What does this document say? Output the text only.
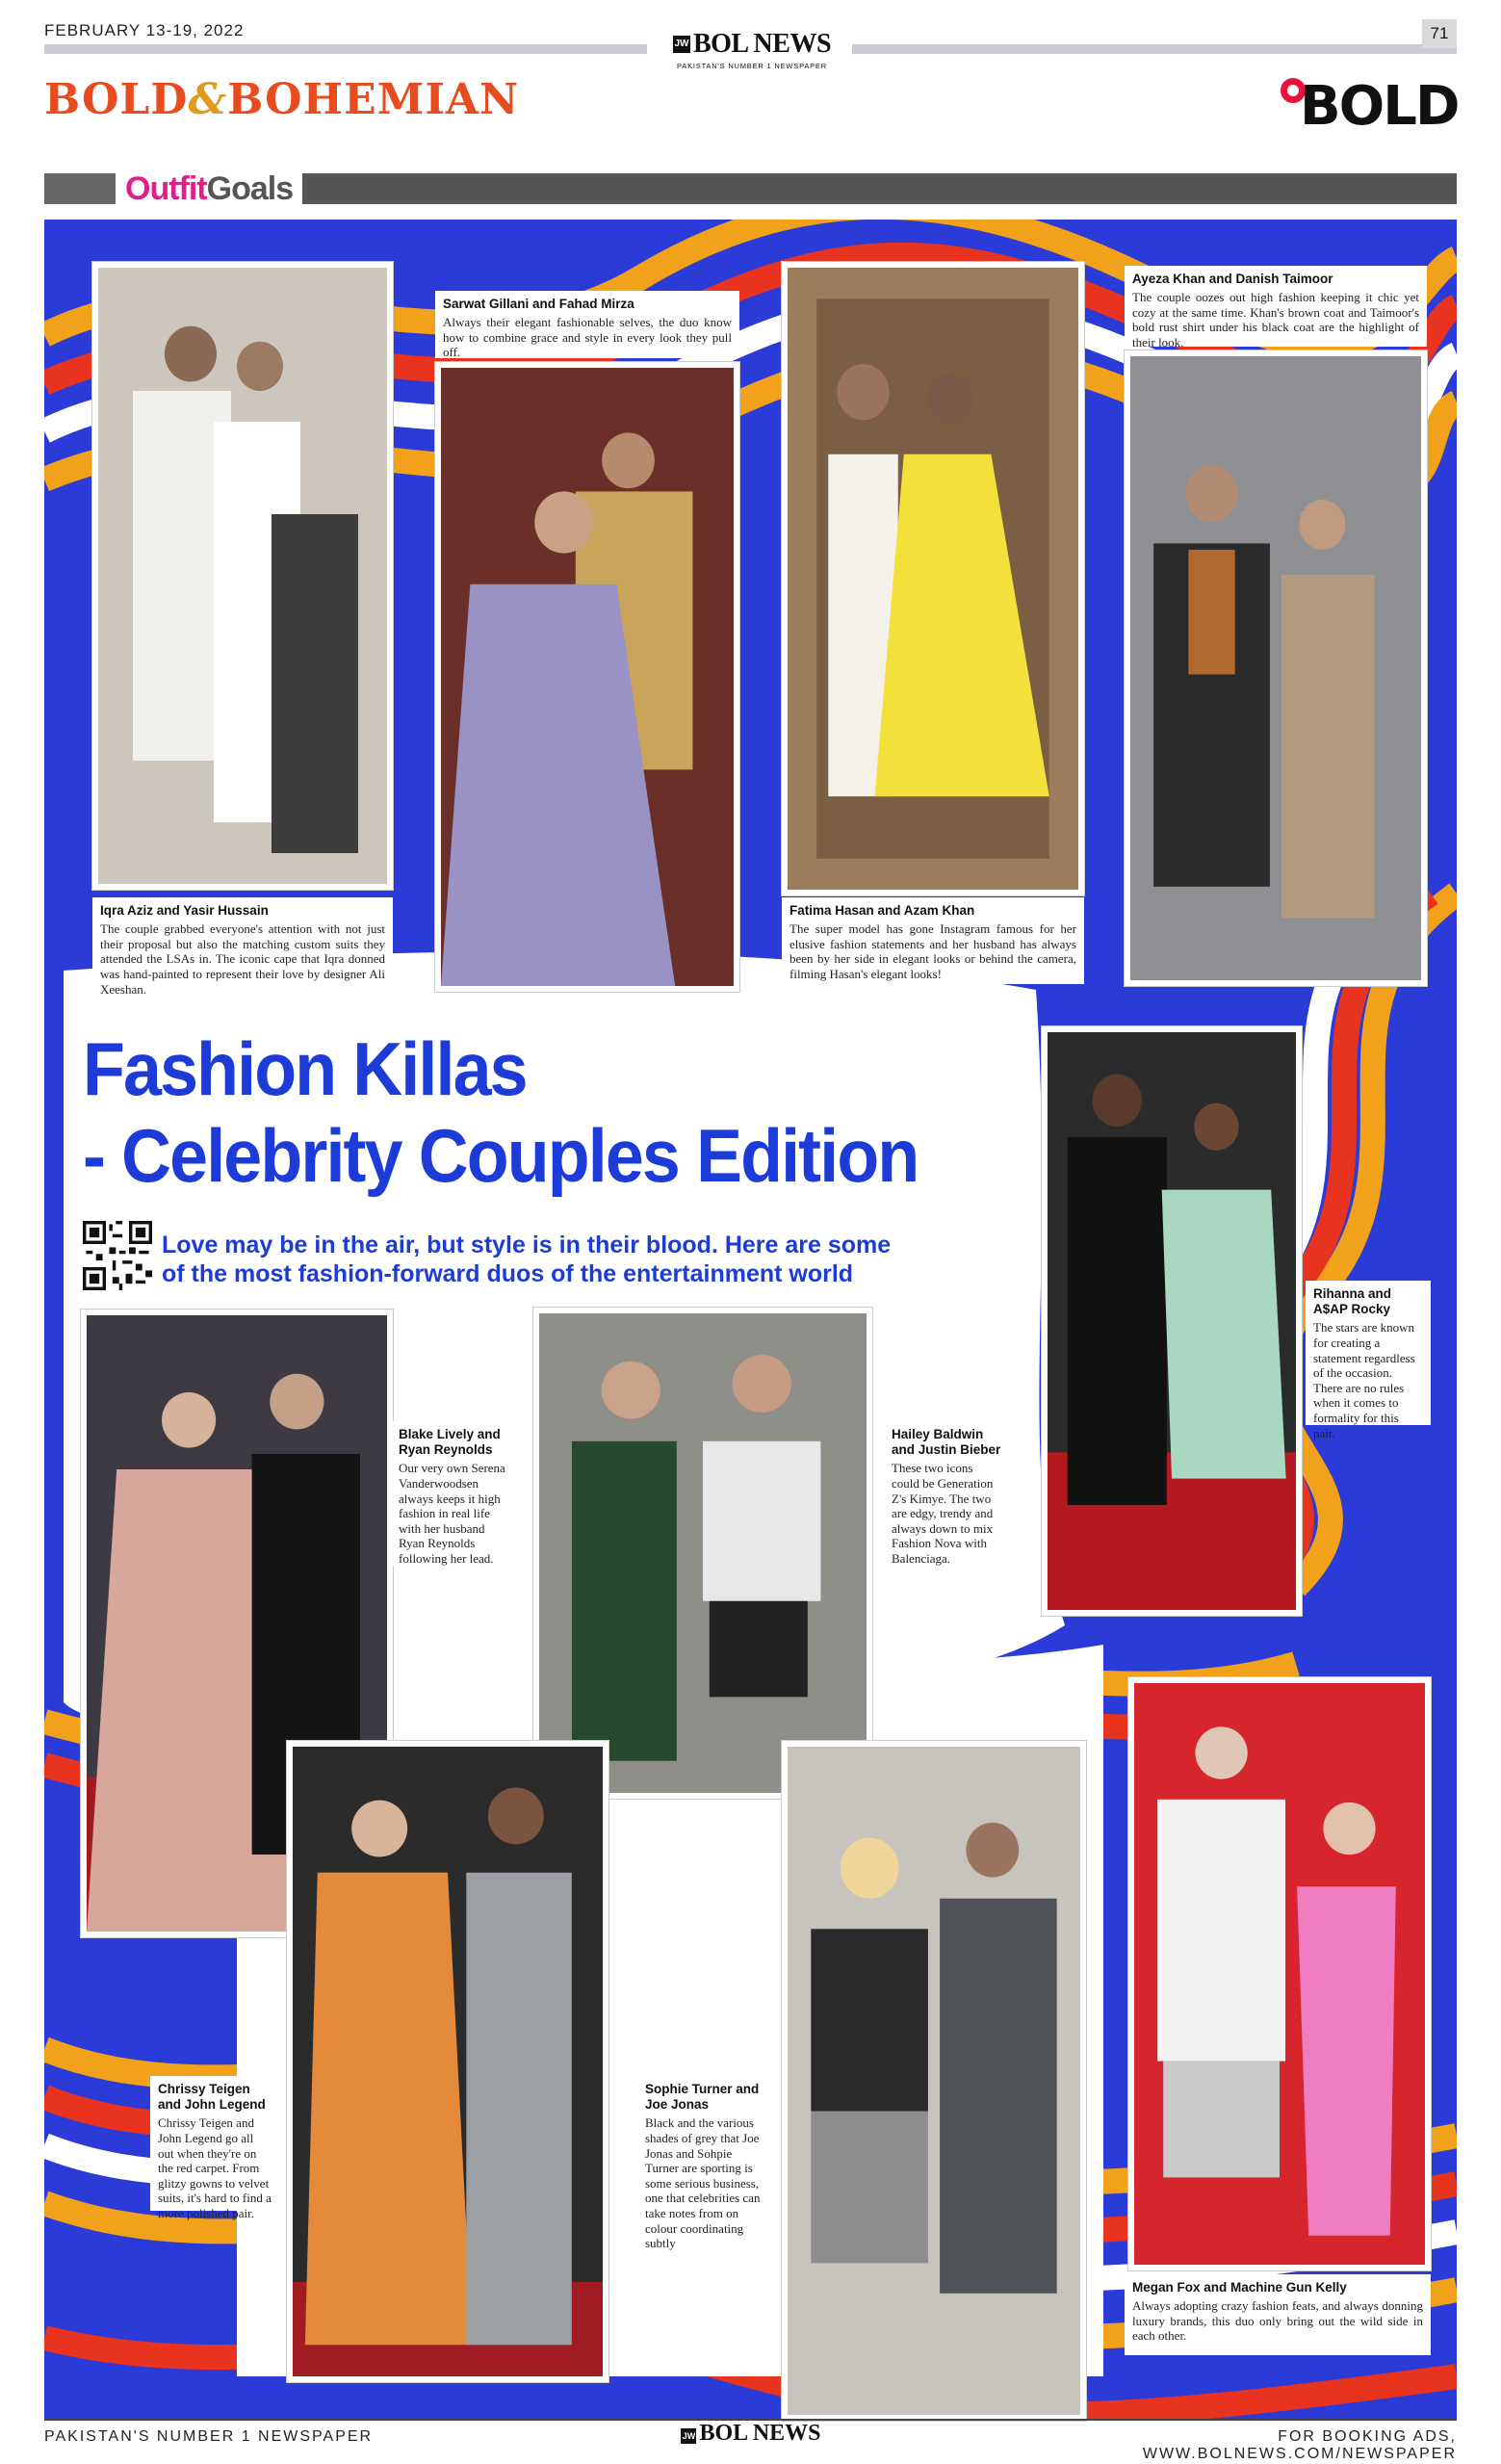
FEBRUARY 13-19, 2022
JW BOL NEWS
PAKISTAN'S NUMBER 1 NEWSPAPER
71
BOLD&BOHEMIAN	BOLD
OutfitGoals
Iqra Aziz and Yasir Hussain
The couple grabbed everyone's attention with not just their proposal but also the matching custom suits they attended the LSAs in. The iconic cape that Iqra donned was hand-painted to represent their love by designer Ali Xeeshan.
Sarwat Gillani and Fahad Mirza
Always their elegant fashionable selves, the duo know how to combine grace and style in every look they pull off.
Fatima Hasan and Azam Khan
The super model has gone Instagram famous for her elusive fashion statements and her husband has always been by her side in elegant looks or behind the camera, filming Hasan's elegant looks!
Ayeza Khan and Danish Taimoor
The couple oozes out high fashion keeping it chic yet cozy at the same time. Khan's brown coat and Taimoor's bold rust shirt under his black coat are the highlight of their look.
Rihanna and A$AP Rocky
The stars are known for creating a statement regardless of the occasion. There are no rules when it comes to formality for this pair.
Blake Lively and Ryan Reynolds
Our very own Serena Vanderwoodsen always keeps it high fashion in real life with her husband Ryan Reynolds following her lead.
Hailey Baldwin and Justin Bieber
These two icons could be Generation Z's Kimye. The two are edgy, trendy and always down to mix Fashion Nova with Balenciaga.
Chrissy Teigen and John Legend
Chrissy Teigen and John Legend go all out when they're on the red carpet. From glitzy gowns to velvet suits, it's hard to find a more polished pair.
Sophie Turner and Joe Jonas
Black and the various shades of grey that Joe Jonas and Sohpie Turner are sporting is some serious business, one that celebrities can take notes from on colour coordinating subtly
Megan Fox and Machine Gun Kelly
Always adopting crazy fashion feats, and always donning luxury brands, this duo only bring out the wild side in each other.
Fashion Killas
- Celebrity Couples Edition
Love may be in the air, but style is in their blood. Here are some of the most fashion-forward duos of the entertainment world
PAKISTAN'S NUMBER 1 NEWSPAPER	JW BOL NEWS	FOR BOOKING ADS, WWW.BOLNEWS.COM/NEWSPAPER
